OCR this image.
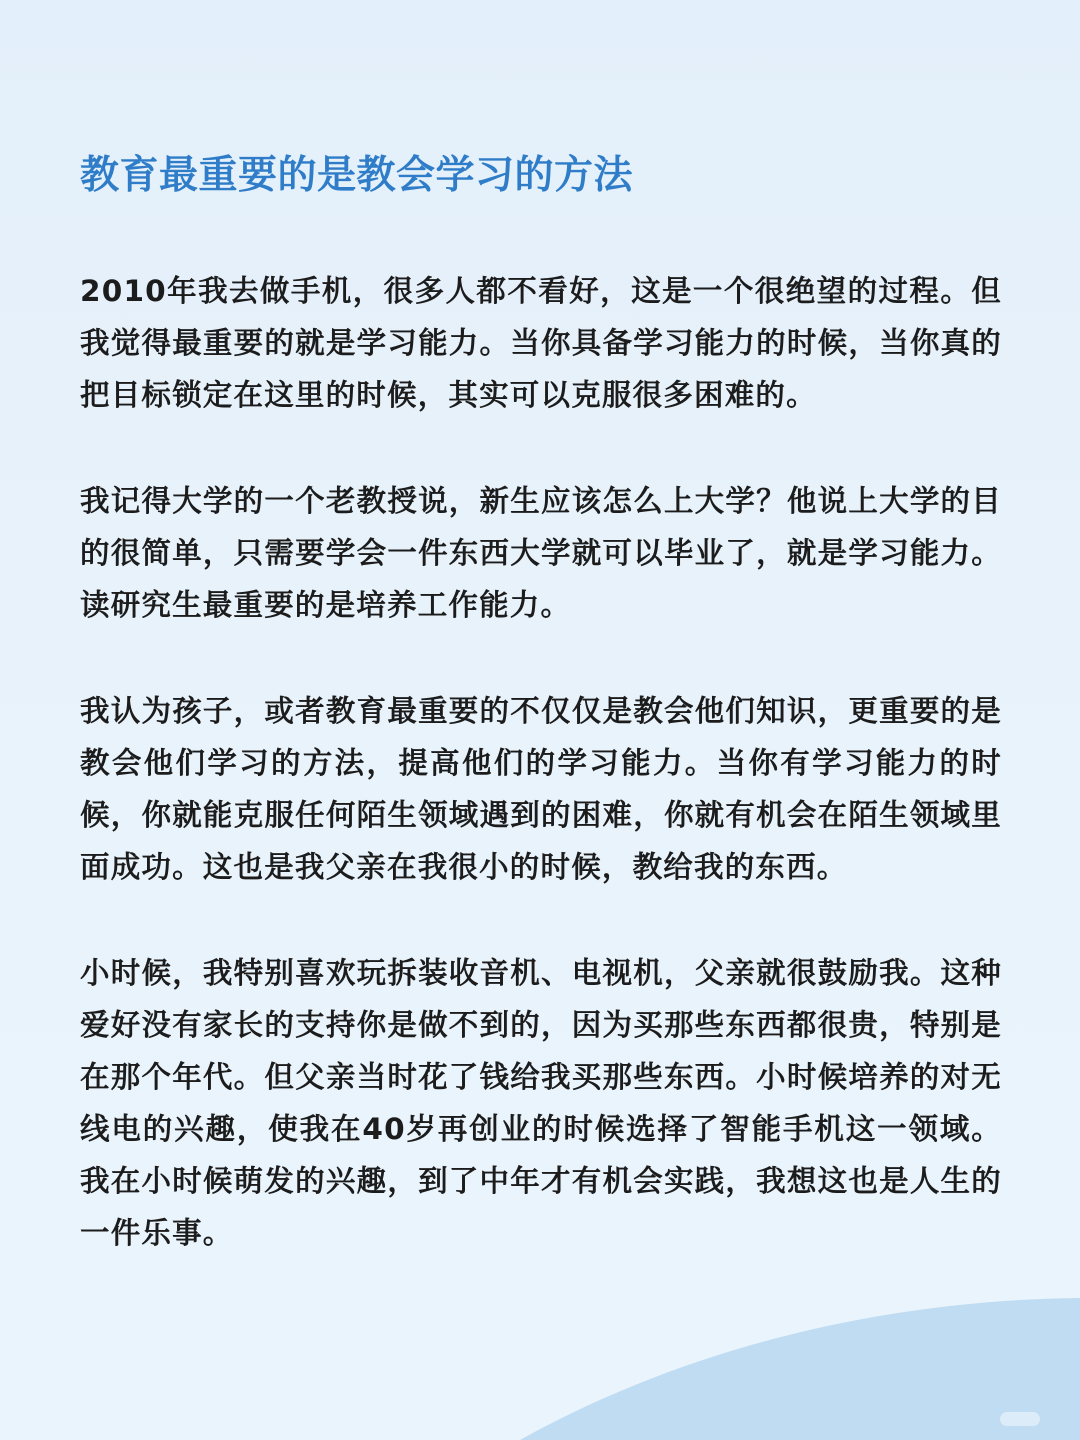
教育最重要的是教会学习的方法

2010年我去做手机，很多人都不看好，这是一个很绝望的过程。但我觉得最重要的就是学习能力。当你具备学习能力的时候，当你真的把目标锁定在这里的时候，其实可以克服很多困难的。

我记得大学的一个老教授说，新生应该怎么上大学？他说上大学的目的很简单，只需要学会一件东西大学就可以毕业了，就是学习能力。读研究生最重要的是培养工作能力。

我认为孩子，或者教育最重要的不仅仅是教会他们知识，更重要的是教会他们学习的方法，提高他们的学习能力。当你有学习能力的时候，你就能克服任何陌生领域遇到的困难，你就有机会在陌生领域里面成功。这也是我父亲在我很小的时候，教给我的东西。

小时候，我特别喜欢玩拆装收音机、电视机，父亲就很鼓励我。这种爱好没有家长的支持你是做不到的，因为买那些东西都很贵，特别是在那个年代。但父亲当时花了钱给我买那些东西。小时候培养的对无线电的兴趣，使我在40岁再创业的时候选择了智能手机这一领域。我在小时候萌发的兴趣，到了中年才有机会实践，我想这也是人生的一件乐事。
